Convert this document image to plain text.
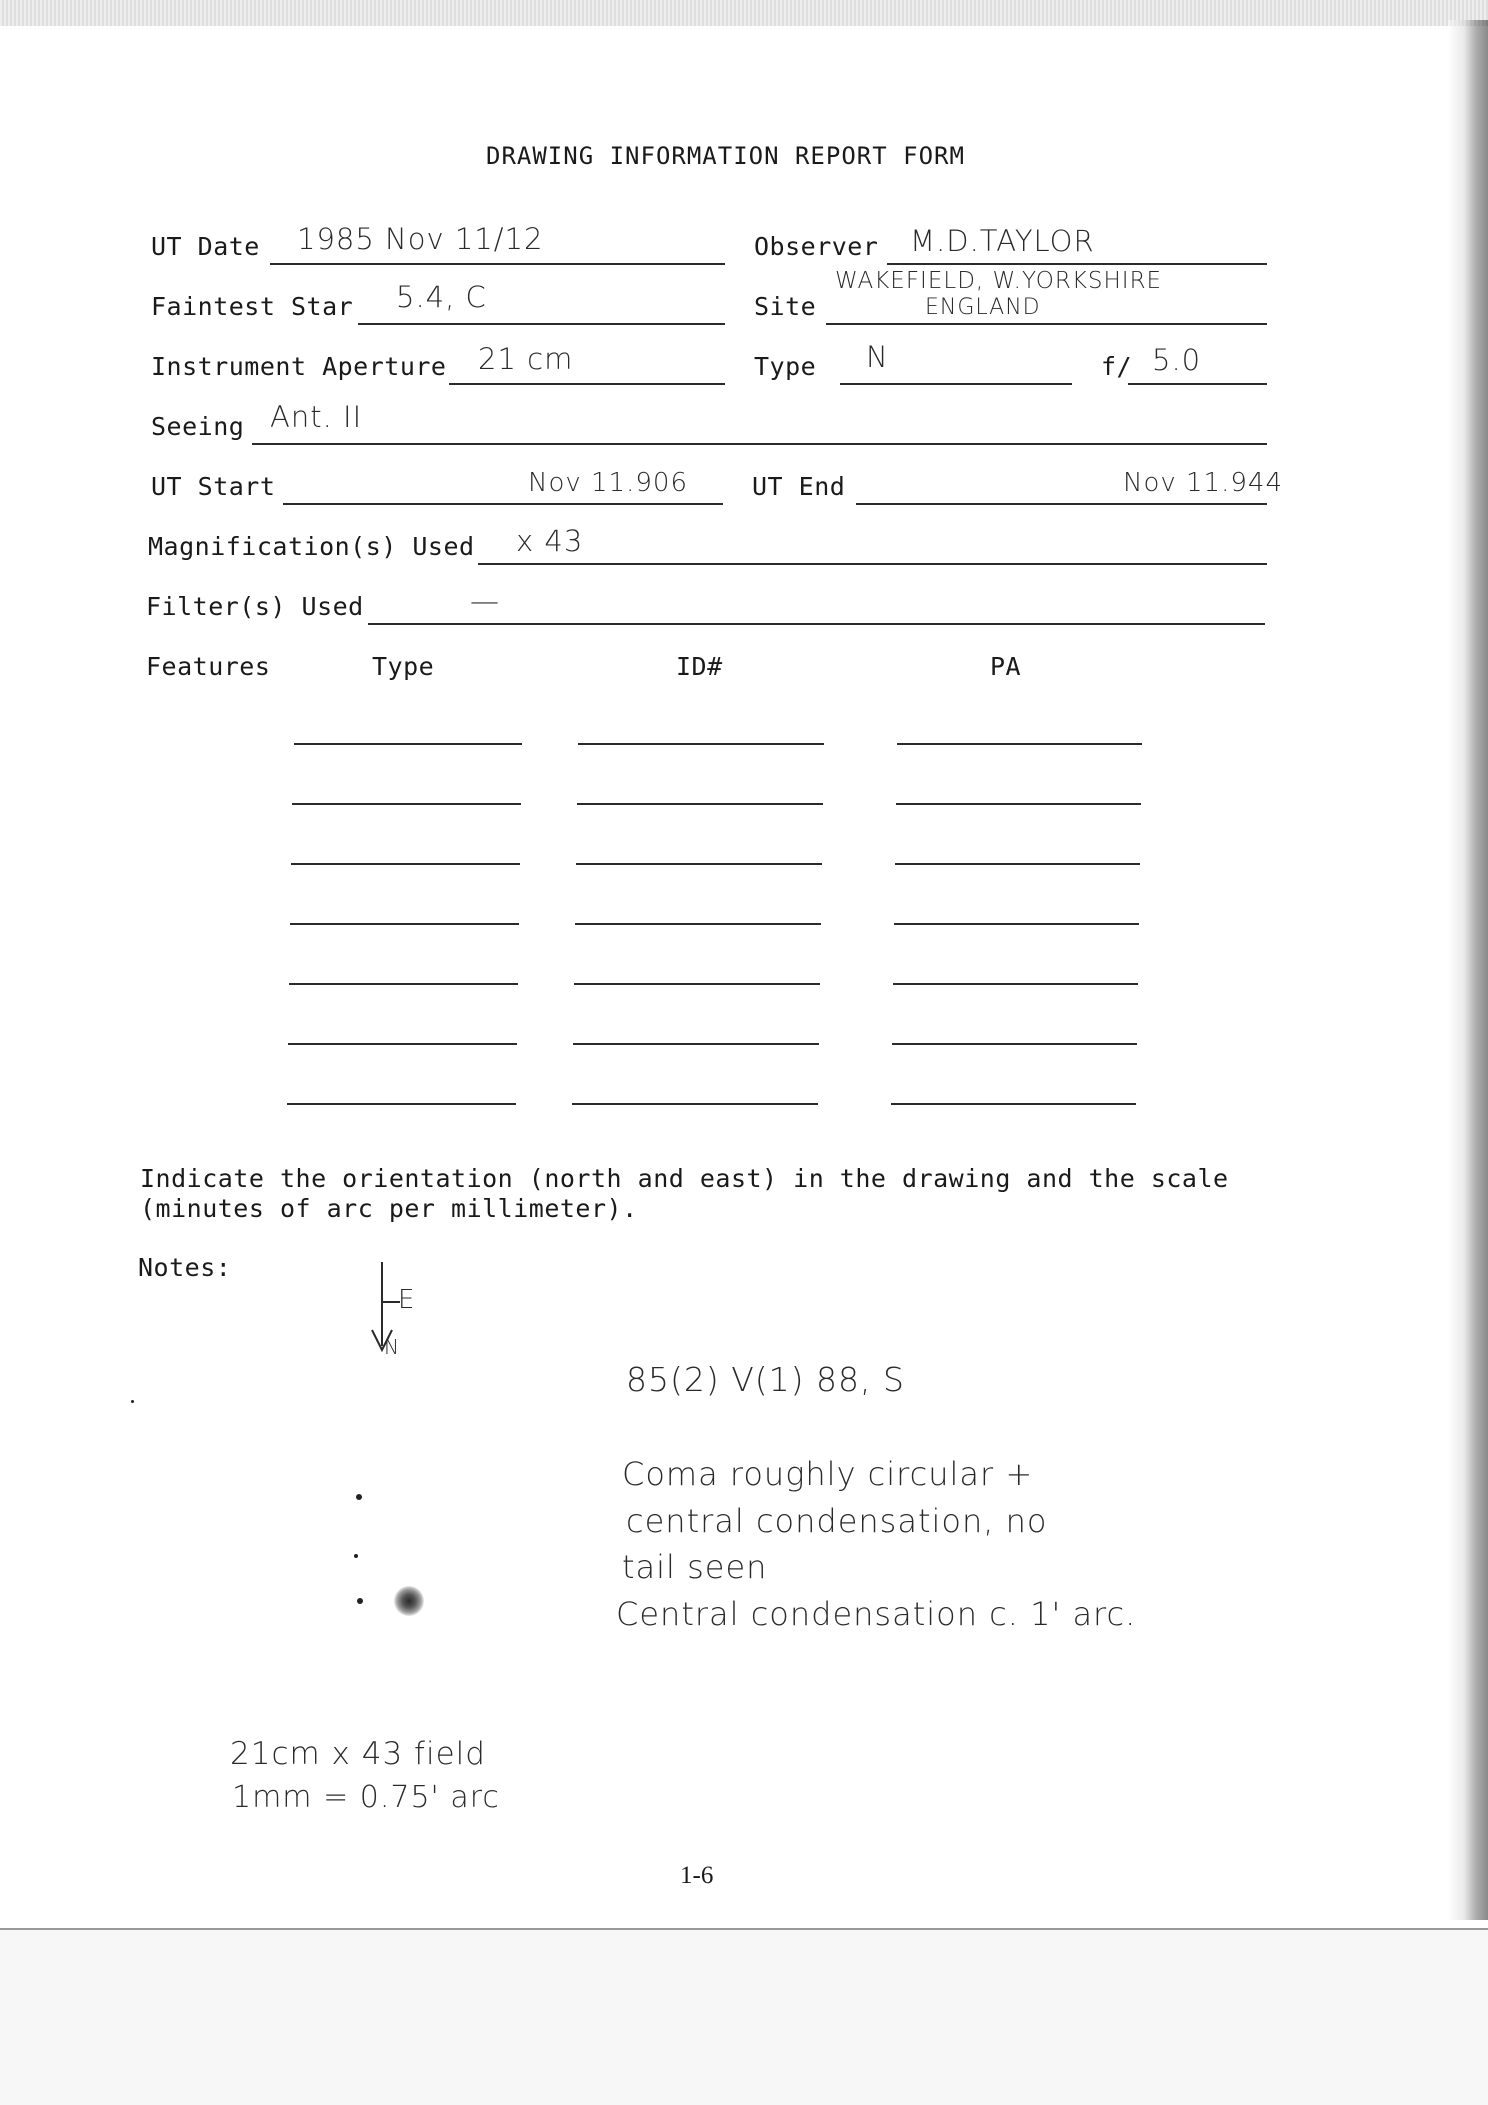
DRAWING INFORMATION REPORT FORM
UT Date 1985 Nov 11/12	Observer M.D.TAYLOR
Faintest Star 5.4, C	Site
WAKEFIELD, W.YORKSHIRE
ENGLAND
Instrument Aperture 21 cm	Type N	f/ 5.0
Seeing Ant. II
UT Start	Nov 11.906	UT End	Nov 11.944
Magnification(s) Used x 43
Filter(s) Used	—
Features	Type	ID#	PA
Indicate the orientation (north and east) in the drawing and the scale
(minutes of arc per millimeter).
Notes:
E
N
85(2) V(1) 88, S
Coma roughly circular +
central condensation, no
tail seen
Central condensation c. 1' arc.
21cm x 43 field
1mm = 0.75' arc
1-6
